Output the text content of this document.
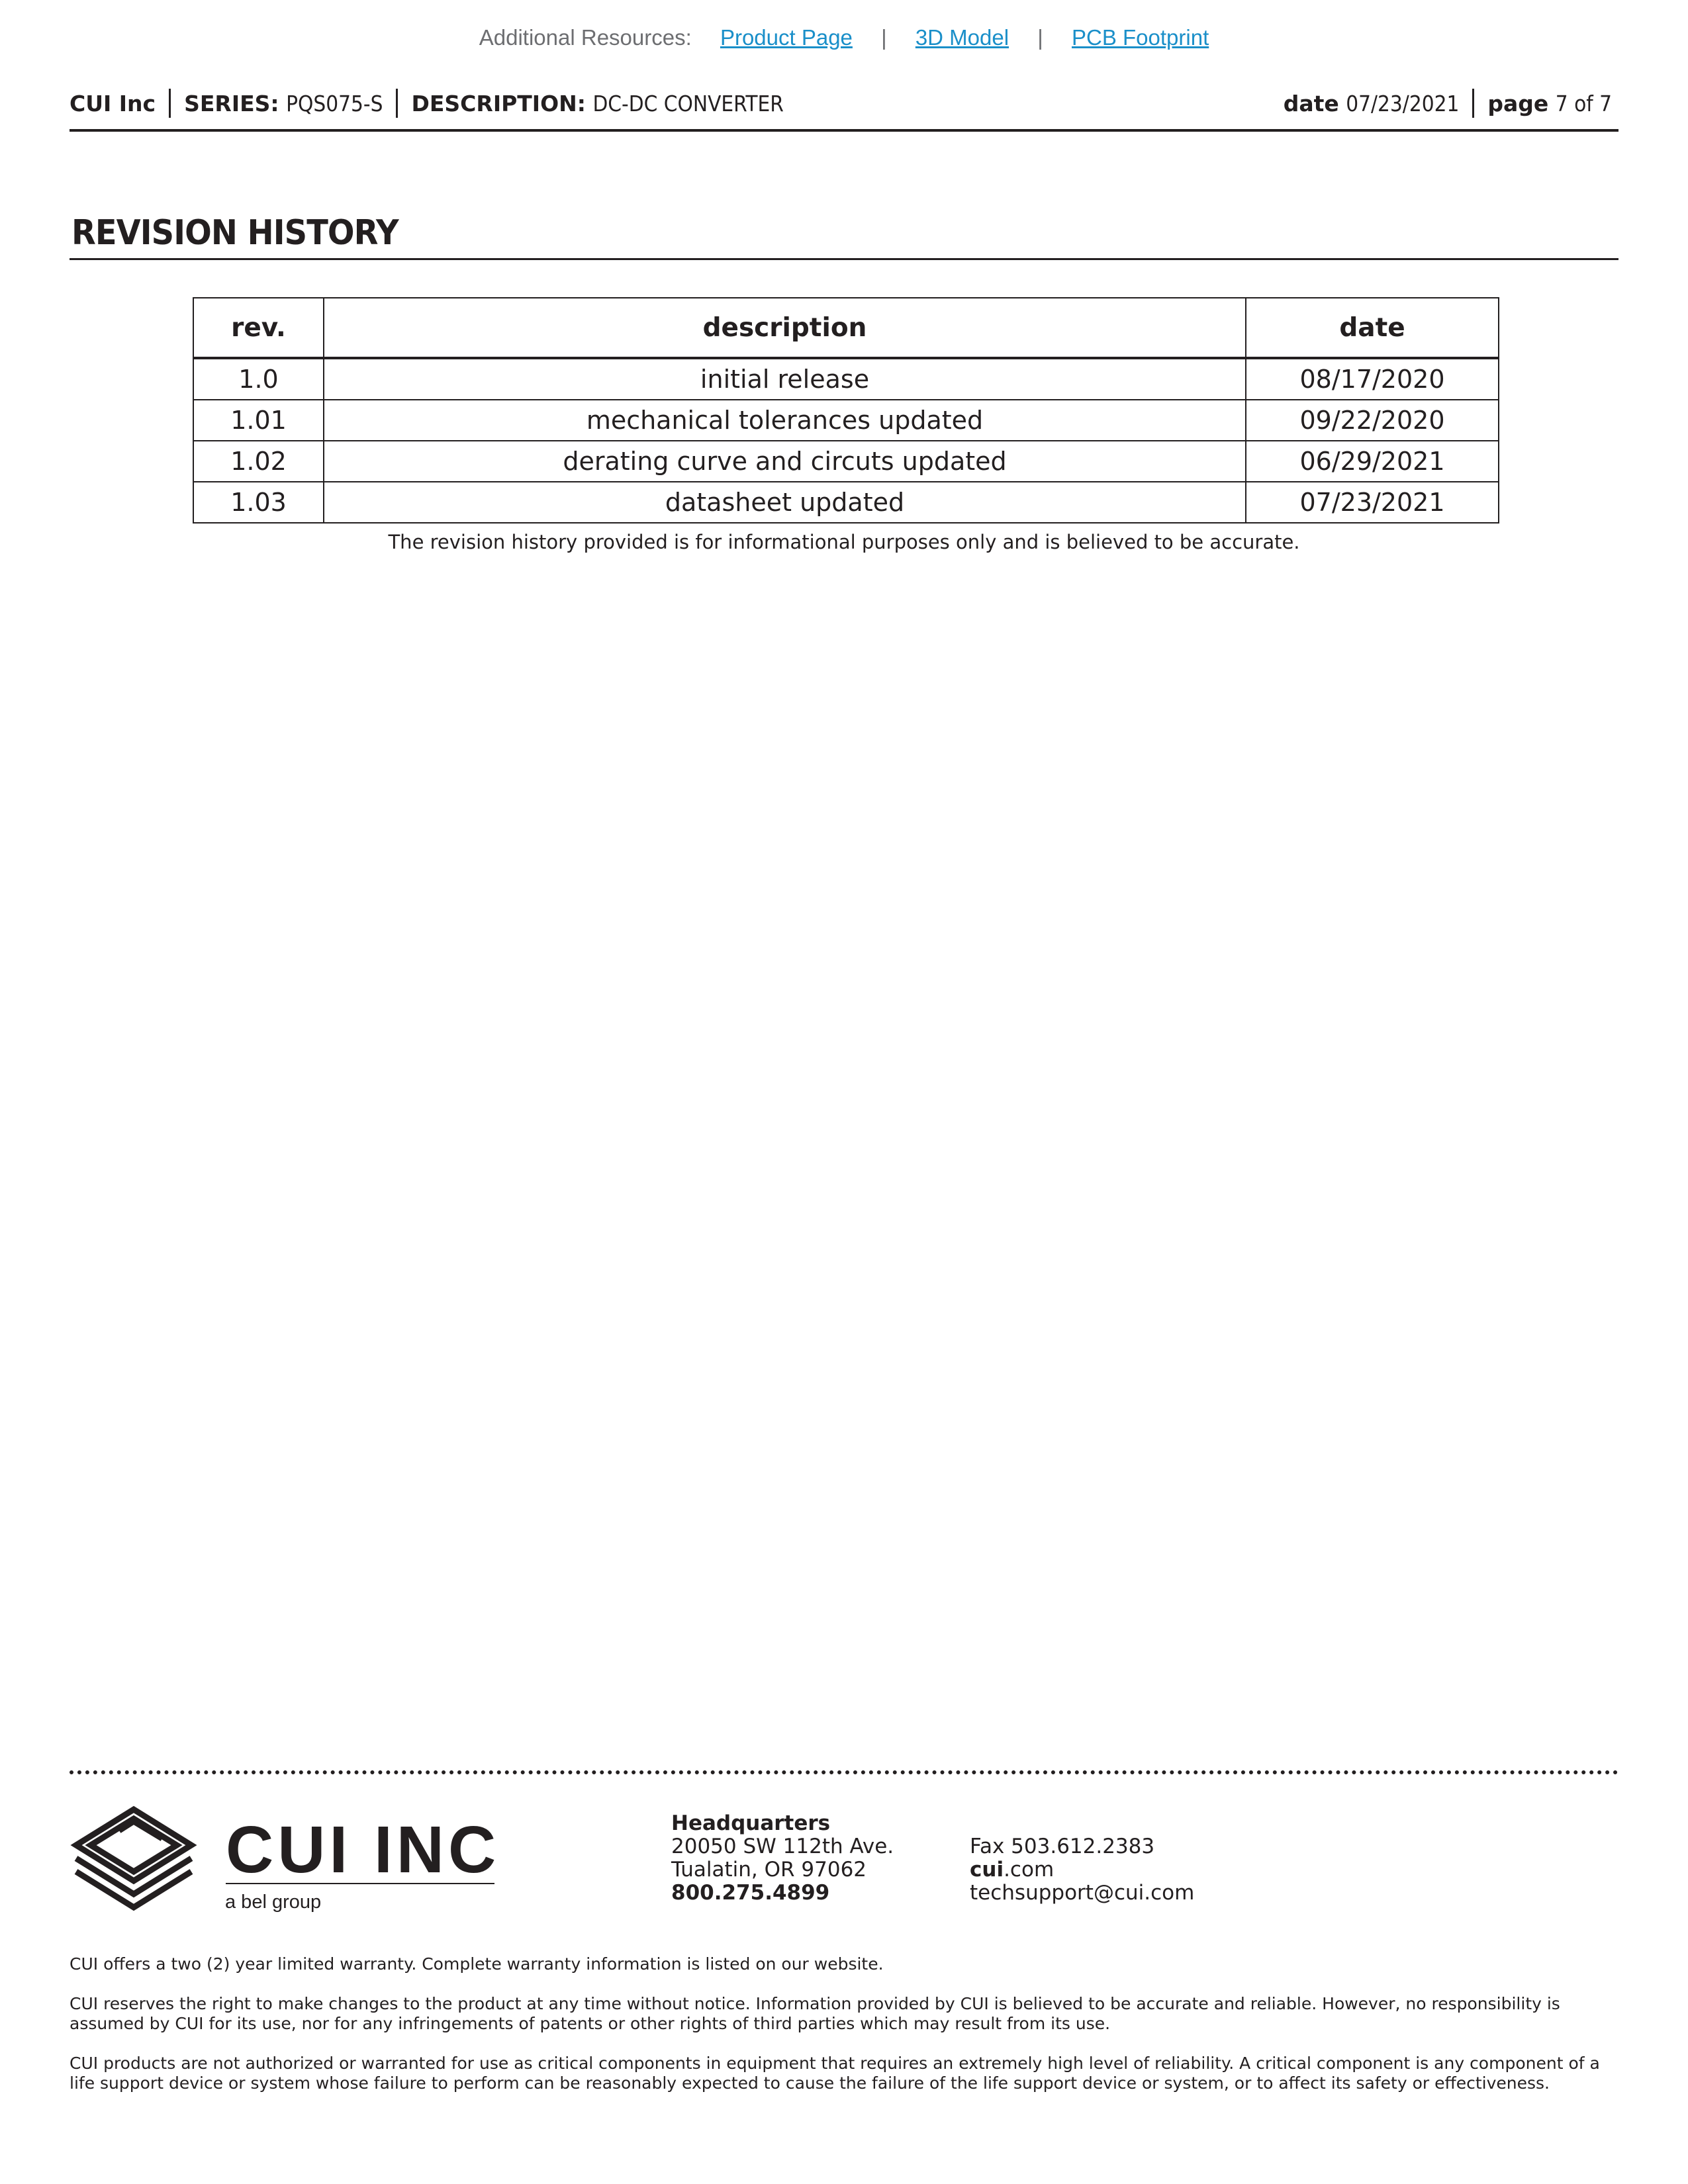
Additional Resources: Product Page | 3D Model | PCB Footprint
CUI Inc SERIES: PQS075-S DESCRIPTION: DC-DC CONVERTER	date 07/23/2021 page 7 of 7
REVISION HISTORY
rev.	description	date
1.0	initial release	08/17/2020
1.01	mechanical tolerances updated	09/22/2020
1.02	derating curve and circuts updated	06/29/2021
1.03	datasheet updated	07/23/2021
The revision history provided is for informational purposes only and is believed to be accurate.
CUI INC
a bel group
Headquarters
20050 SW 112th Ave.
Tualatin, OR 97062
800.275.4899
Fax 503.612.2383
cui.com
techsupport@cui.com
CUI offers a two (2) year limited warranty. Complete warranty information is listed on our website.
CUI reserves the right to make changes to the product at any time without notice. Information provided by CUI is believed to be accurate and reliable. However, no responsibility is assumed by CUI for its use, nor for any infringements of patents or other rights of third parties which may result from its use.
CUI products are not authorized or warranted for use as critical components in equipment that requires an extremely high level of reliability. A critical component is any component of a life support device or system whose failure to perform can be reasonably expected to cause the failure of the life support device or system, or to affect its safety or effectiveness.
